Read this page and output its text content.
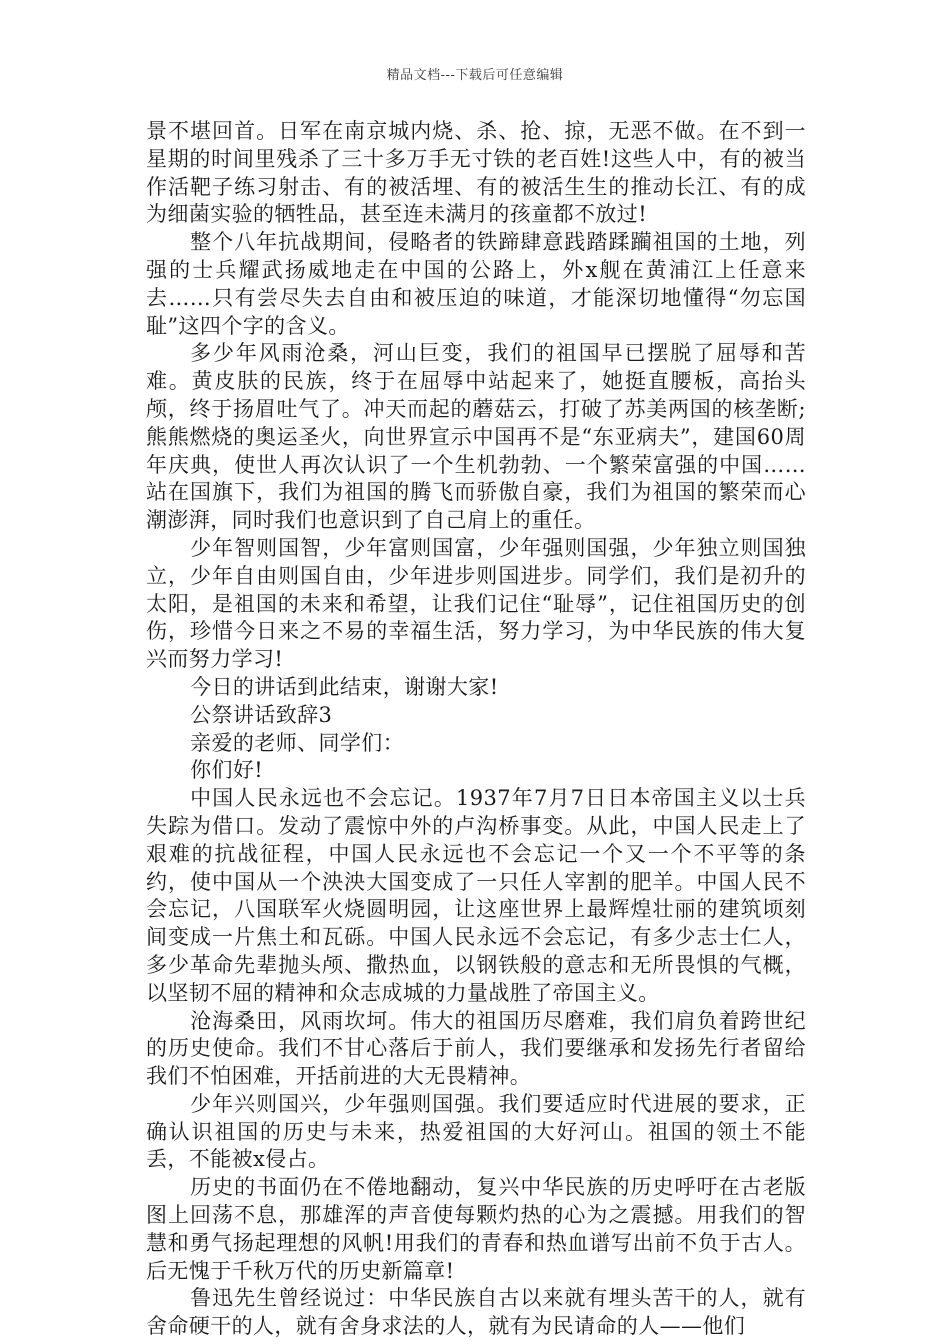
精品文档---下载后可任意编辑

景不堪回首。日军在南京城内烧、杀、抢、掠，无恶不做。在不到一星期的时间里残杀了三十多万手无寸铁的老百姓!这些人中，有的被当作活靶子练习射击、有的被活埋、有的被活生生的推动长江、有的成为细菌实验的牺牲品，甚至连未满月的孩童都不放过!

整个八年抗战期间，侵略者的铁蹄肆意践踏蹂躏祖国的土地，列强的士兵耀武扬威地走在中国的公路上，外x舰在黄浦江上任意来去……只有尝尽失去自由和被压迫的味道，才能深切地懂得“勿忘国耻”这四个字的含义。

多少年风雨沧桑，河山巨变，我们的祖国早已摆脱了屈辱和苦难。黄皮肤的民族，终于在屈辱中站起来了，她挺直腰板，高抬头颅，终于扬眉吐气了。冲天而起的蘑菇云，打破了苏美两国的核垄断;熊熊燃烧的奥运圣火，向世界宣示中国再不是“东亚病夫”，建国60周年庆典，使世人再次认识了一个生机勃勃、一个繁荣富强的中国……站在国旗下，我们为祖国的腾飞而骄傲自豪，我们为祖国的繁荣而心潮澎湃，同时我们也意识到了自己肩上的重任。

少年智则国智，少年富则国富，少年强则国强，少年独立则国独立，少年自由则国自由，少年进步则国进步。同学们，我们是初升的太阳，是祖国的未来和希望，让我们记住“耻辱”，记住祖国历史的创伤，珍惜今日来之不易的幸福生活，努力学习，为中华民族的伟大复兴而努力学习!

今日的讲话到此结束，谢谢大家!

公祭讲话致辞3

亲爱的老师、同学们：

你们好!

中国人民永远也不会忘记。1937年7月7日日本帝国主义以士兵失踪为借口。发动了震惊中外的卢沟桥事变。从此，中国人民走上了艰难的抗战征程，中国人民永远也不会忘记一个又一个不平等的条约，使中国从一个泱泱大国变成了一只任人宰割的肥羊。中国人民不会忘记，八国联军火烧圆明园，让这座世界上最辉煌壮丽的建筑顷刻间变成一片焦土和瓦砾。中国人民永远不会忘记，有多少志士仁人，多少革命先辈抛头颅、撒热血，以钢铁般的意志和无所畏惧的气概，以坚韧不屈的精神和众志成城的力量战胜了帝国主义。

沧海桑田，风雨坎坷。伟大的祖国历尽磨难，我们肩负着跨世纪的历史使命。我们不甘心落后于前人，我们要继承和发扬先行者留给我们不怕困难，开括前进的大无畏精神。

少年兴则国兴，少年强则国强。我们要适应时代进展的要求，正确认识祖国的历史与未来，热爱祖国的大好河山。祖国的领土不能丢，不能被x侵占。

历史的书面仍在不倦地翻动，复兴中华民族的历史呼吁在古老版图上回荡不息，那雄浑的声音使每颗灼热的心为之震撼。用我们的智慧和勇气扬起理想的风帆!用我们的青春和热血谱写出前不负于古人。后无愧于千秋万代的历史新篇章!

鲁迅先生曾经说过：中华民族自古以来就有埋头苦干的人，就有舍命硬干的人，就有舍身求法的人，就有为民请命的人——他们
